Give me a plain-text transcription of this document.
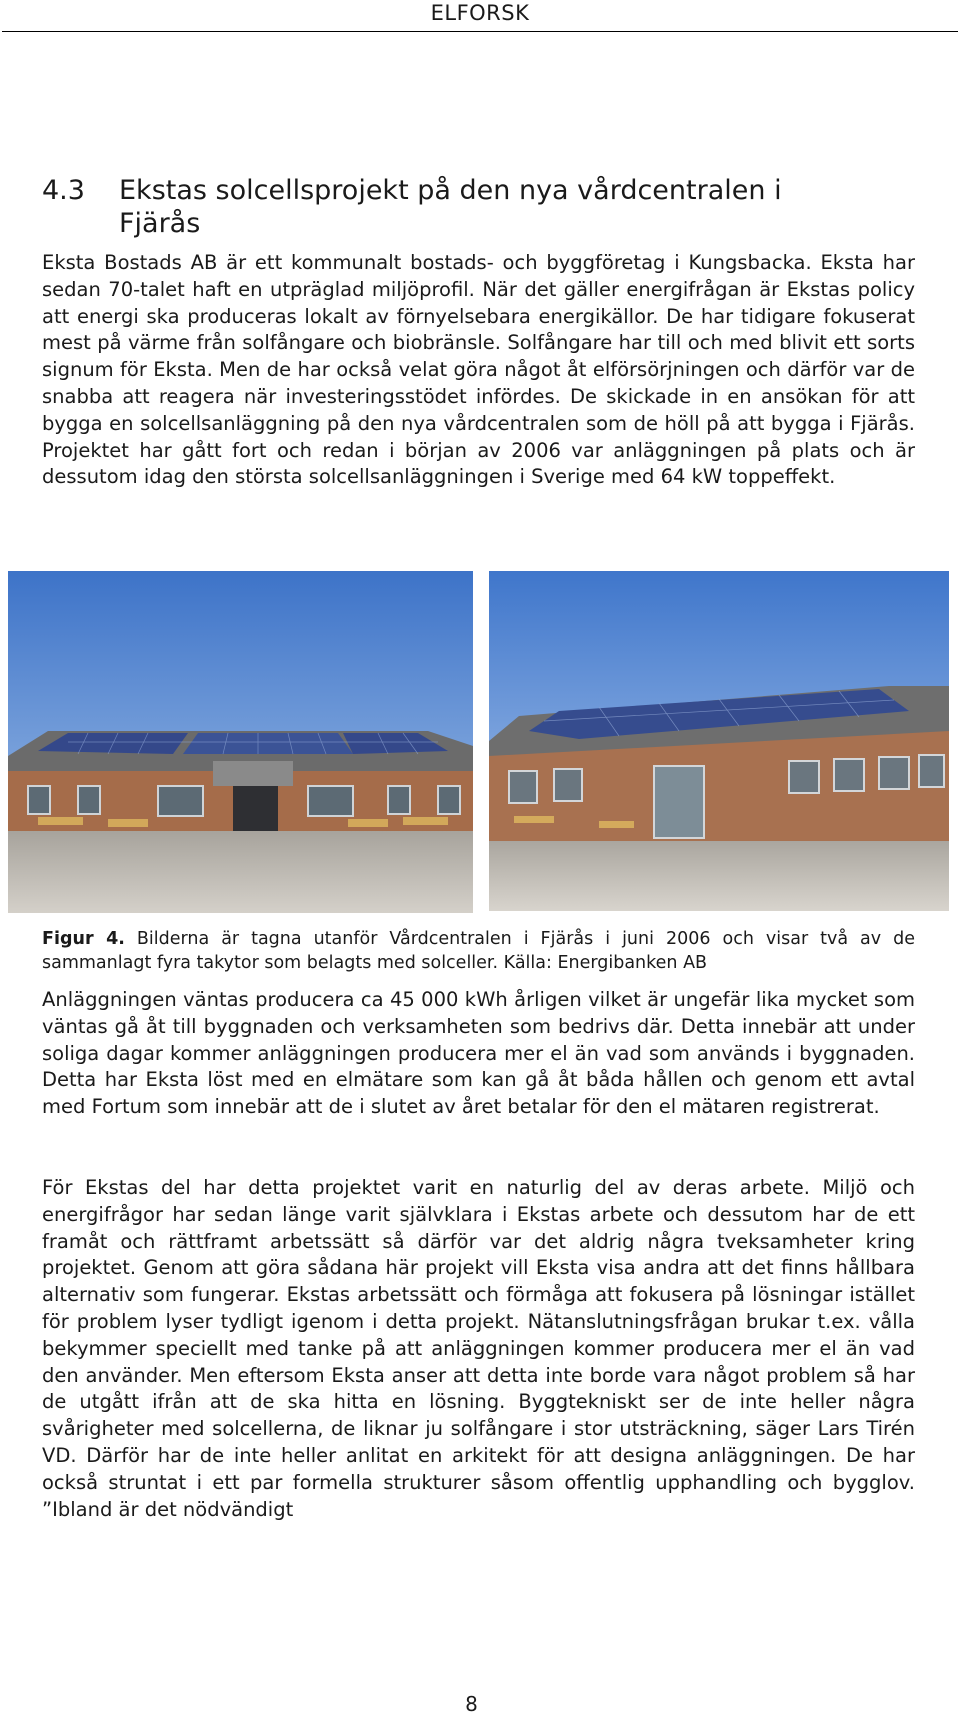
ELFORSK
4.3	Ekstas solcellsprojekt på den nya vårdcentralen i Fjärås

Eksta Bostads AB är ett kommunalt bostads- och byggföretag i Kungsbacka. Eksta har sedan 70-talet haft en utpräglad miljöprofil. När det gäller energifrågan är Ekstas policy att energi ska produceras lokalt av förnyelsebara energikällor. De har tidigare fokuserat mest på värme från solfångare och biobränsle. Solfångare har till och med blivit ett sorts signum för Eksta. Men de har också velat göra något åt elförsörjningen och därför var de snabba att reagera när investeringsstödet infördes. De skickade in en ansökan för att bygga en solcellsanläggning på den nya vårdcentralen som de höll på att bygga i Fjärås. Projektet har gått fort och redan i början av 2006 var anläggningen på plats och är dessutom idag den största solcellsanläggningen i Sverige med 64 kW toppeffekt.

Figur 4. Bilderna är tagna utanför Vårdcentralen i Fjärås i juni 2006 och visar två av de sammanlagt fyra takytor som belagts med solceller. Källa: Energibanken AB

Anläggningen väntas producera ca 45 000 kWh årligen vilket är ungefär lika mycket som väntas gå åt till byggnaden och verksamheten som bedrivs där. Detta innebär att under soliga dagar kommer anläggningen producera mer el än vad som används i byggnaden. Detta har Eksta löst med en elmätare som kan gå åt båda hållen och genom ett avtal med Fortum som innebär att de i slutet av året betalar för den el mätaren registrerat.

För Ekstas del har detta projektet varit en naturlig del av deras arbete. Miljö och energifrågor har sedan länge varit självklara i Ekstas arbete och dessutom har de ett framåt och rättframt arbetssätt så därför var det aldrig några tveksamheter kring projektet. Genom att göra sådana här projekt vill Eksta visa andra att det finns hållbara alternativ som fungerar. Ekstas arbetssätt och förmåga att fokusera på lösningar istället för problem lyser tydligt igenom i detta projekt. Nätanslutningsfrågan brukar t.ex. vålla bekymmer speciellt med tanke på att anläggningen kommer producera mer el än vad den använder. Men eftersom Eksta anser att detta inte borde vara något problem så har de utgått ifrån att de ska hitta en lösning. Byggtekniskt ser de inte heller några svårigheter med solcellerna, de liknar ju solfångare i stor utsträckning, säger Lars Tirén VD. Därför har de inte heller anlitat en arkitekt för att designa anläggningen. De har också struntat i ett par formella strukturer såsom offentlig upphandling och bygglov. ”Ibland är det nödvändigt

8
